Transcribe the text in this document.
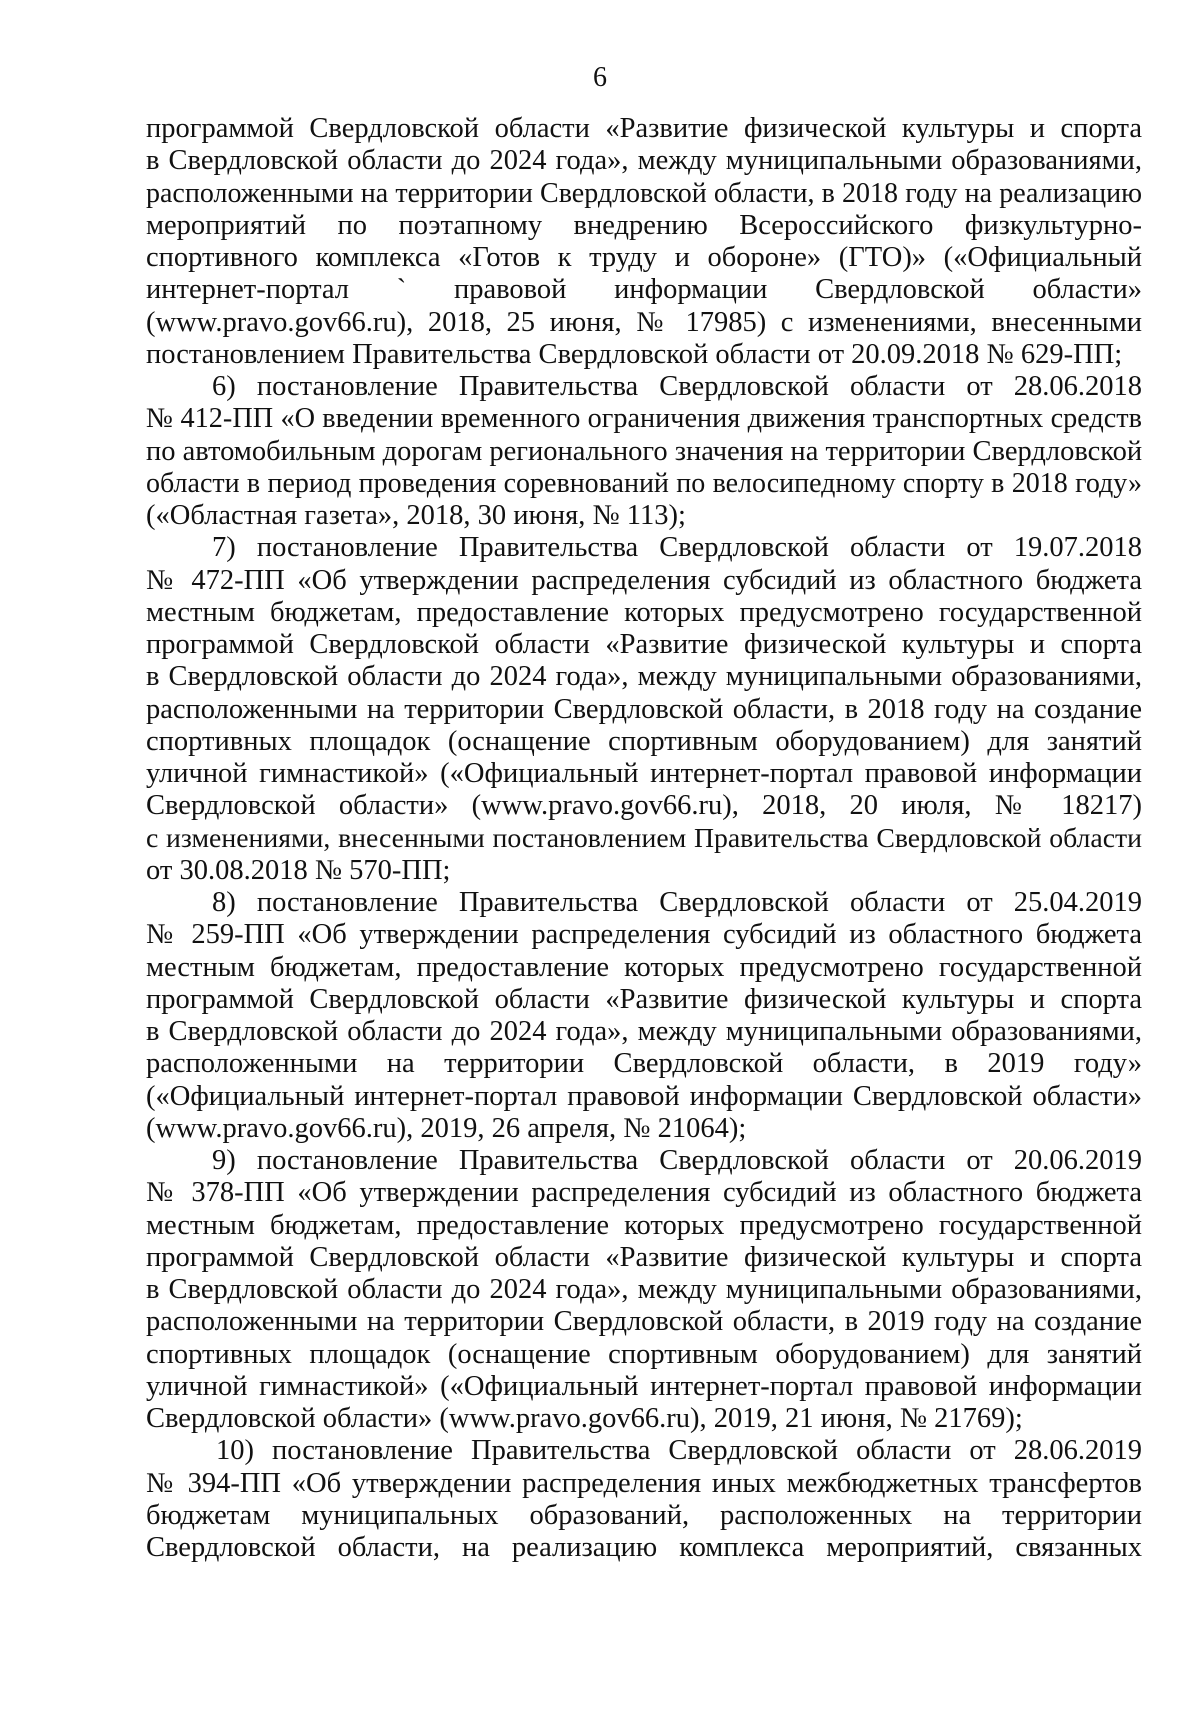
6
программой Свердловской области «Развитие физической культуры и спорта
в Свердловской области до 2024 года», между муниципальными образованиями,
расположенными на территории Свердловской области, в 2018 году на реализацию
мероприятий по поэтапному внедрению Всероссийского физкультурно-
спортивного комплекса «Готов к труду и обороне» (ГТО)» («Официальный
интернет-портал ` правовой информации Свердловской области»
(www.pravo.gov66.ru), 2018, 25 июня, № 17985) с изменениями, внесенными
постановлением Правительства Свердловской области от 20.09.2018 № 629-ПП;
6) постановление Правительства Свердловской области от 28.06.2018
№ 412-ПП «О введении временного ограничения движения транспортных средств
по автомобильным дорогам регионального значения на территории Свердловской
области в период проведения соревнований по велосипедному спорту в 2018 году»
(«Областная газета», 2018, 30 июня, № 113);
7) постановление Правительства Свердловской области от 19.07.2018
№ 472-ПП «Об утверждении распределения субсидий из областного бюджета
местным бюджетам, предоставление которых предусмотрено государственной
программой Свердловской области «Развитие физической культуры и спорта
в Свердловской области до 2024 года», между муниципальными образованиями,
расположенными на территории Свердловской области, в 2018 году на создание
спортивных площадок (оснащение спортивным оборудованием) для занятий
уличной гимнастикой» («Официальный интернет-портал правовой информации
Свердловской области» (www.pravo.gov66.ru), 2018, 20 июля, № 18217)
с изменениями, внесенными постановлением Правительства Свердловской области
от 30.08.2018 № 570-ПП;
8) постановление Правительства Свердловской области от 25.04.2019
№ 259-ПП «Об утверждении распределения субсидий из областного бюджета
местным бюджетам, предоставление которых предусмотрено государственной
программой Свердловской области «Развитие физической культуры и спорта
в Свердловской области до 2024 года», между муниципальными образованиями,
расположенными на территории Свердловской области, в 2019 году»
(«Официальный интернет-портал правовой информации Свердловской области»
(www.pravo.gov66.ru), 2019, 26 апреля, № 21064);
9) постановление Правительства Свердловской области от 20.06.2019
№ 378-ПП «Об утверждении распределения субсидий из областного бюджета
местным бюджетам, предоставление которых предусмотрено государственной
программой Свердловской области «Развитие физической культуры и спорта
в Свердловской области до 2024 года», между муниципальными образованиями,
расположенными на территории Свердловской области, в 2019 году на создание
спортивных площадок (оснащение спортивным оборудованием) для занятий
уличной гимнастикой» («Официальный интернет-портал правовой информации
Свердловской области» (www.pravo.gov66.ru), 2019, 21 июня, № 21769);
10) постановление Правительства Свердловской области от 28.06.2019
№ 394-ПП «Об утверждении распределения иных межбюджетных трансфертов
бюджетам муниципальных образований, расположенных на территории
Свердловской области, на реализацию комплекса мероприятий, связанных
